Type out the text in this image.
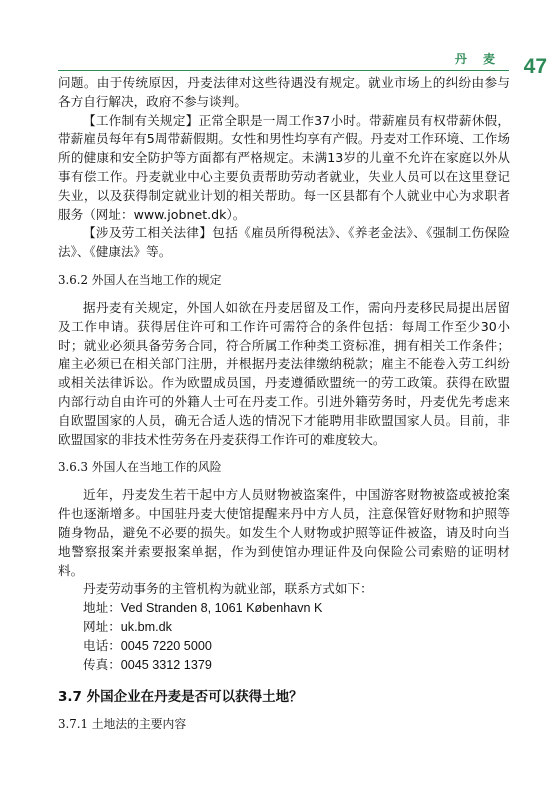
丹 麦 47

问题。由于传统原因，丹麦法律对这些待遇没有规定。就业市场上的纠纷由参与各方自行解决，政府不参与谈判。

【工作制有关规定】正常全职是一周工作37小时。带薪雇员有权带薪休假，带薪雇员每年有5周带薪假期。女性和男性均享有产假。丹麦对工作环境、工作场所的健康和安全防护等方面都有严格规定。未满13岁的儿童不允许在家庭以外从事有偿工作。丹麦就业中心主要负责帮助劳动者就业，失业人员可以在这里登记失业，以及获得制定就业计划的相关帮助。每一区县都有个人就业中心为求职者服务（网址：www.jobnet.dk）。

【涉及劳工相关法律】包括《雇员所得税法》、《养老金法》、《强制工伤保险法》、《健康法》等。

3.6.2 外国人在当地工作的规定

据丹麦有关规定，外国人如欲在丹麦居留及工作，需向丹麦移民局提出居留及工作申请。获得居住许可和工作许可需符合的条件包括：每周工作至少30小时；就业必须具备劳务合同，符合所属工作种类工资标准，拥有相关工作条件；雇主必须已在相关部门注册，并根据丹麦法律缴纳税款；雇主不能卷入劳工纠纷或相关法律诉讼。作为欧盟成员国，丹麦遵循欧盟统一的劳工政策。获得在欧盟内部行动自由许可的外籍人士可在丹麦工作。引进外籍劳务时，丹麦优先考虑来自欧盟国家的人员，确无合适人选的情况下才能聘用非欧盟国家人员。目前，非欧盟国家的非技术性劳务在丹麦获得工作许可的难度较大。

3.6.3 外国人在当地工作的风险

近年，丹麦发生若干起中方人员财物被盗案件，中国游客财物被盗或被抢案件也逐渐增多。中国驻丹麦大使馆提醒来丹中方人员，注意保管好财物和护照等随身物品，避免不必要的损失。如发生个人财物或护照等证件被盗，请及时向当地警察报案并索要报案单据，作为到使馆办理证件及向保险公司索赔的证明材料。

丹麦劳动事务的主管机构为就业部，联系方式如下：

地址：Ved Stranden 8, 1061 København K
网址：uk.bm.dk
电话：0045 7220 5000
传真：0045 3312 1379
3.7 外国企业在丹麦是否可以获得土地？
3.7.1 土地法的主要内容
